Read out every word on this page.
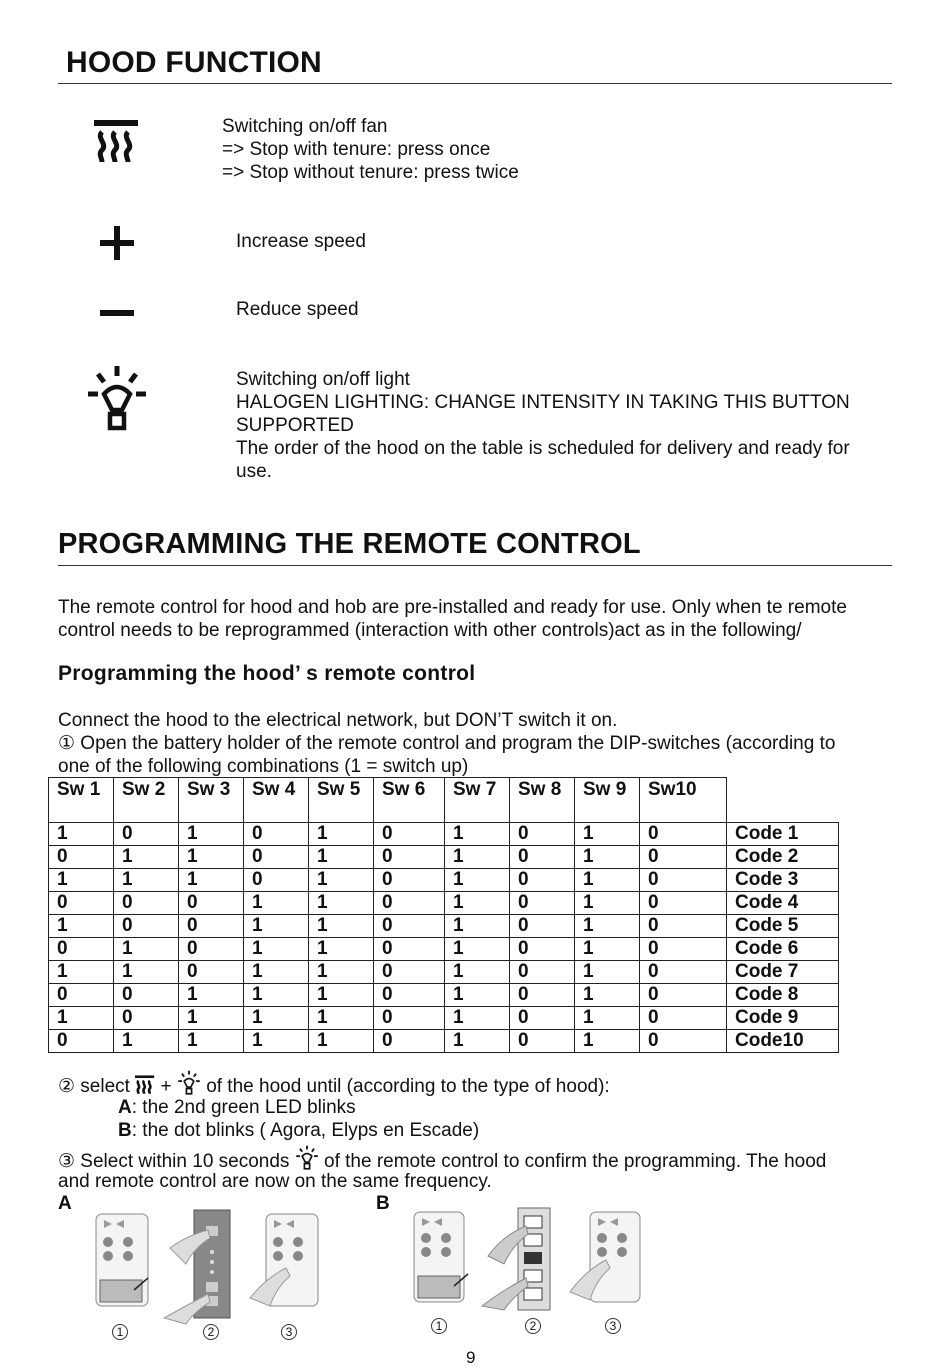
HOOD FUNCTION
Switching on/off fan
=> Stop with tenure: press once
=> Stop without tenure: press twice
Increase speed
Reduce speed
Switching on/off light
HALOGEN LIGHTING: CHANGE INTENSITY IN TAKING THIS BUTTON
SUPPORTED
The order of the hood on the table is scheduled for delivery and ready for
use.
PROGRAMMING THE REMOTE CONTROL
The remote control for hood and hob are pre-installed and ready for use. Only when te remote
control needs to be reprogrammed (interaction with other controls)act as in the following/
Programming the hood’ s remote control
Connect the hood to the electrical network, but DON’T switch it on.
① Open the battery holder of the remote control and program the DIP-switches (according to
one of the following combinations (1 = switch up)
Sw 1	Sw 2	Sw 3	Sw 4	Sw 5	Sw 6	Sw 7	Sw 8	Sw 9	Sw10	
1	0	1	0	1	0	1	0	1	0	Code 1
0	1	1	0	1	0	1	0	1	0	Code 2
1	1	1	0	1	0	1	0	1	0	Code 3
0	0	0	1	1	0	1	0	1	0	Code 4
1	0	0	1	1	0	1	0	1	0	Code 5
0	1	0	1	1	0	1	0	1	0	Code 6
1	1	0	1	1	0	1	0	1	0	Code 7
0	0	1	1	1	0	1	0	1	0	Code 8
1	0	1	1	1	0	1	0	1	0	Code 9
0	1	1	1	1	0	1	0	1	0	Code10
② select + of the hood until (according to the type of hood):
A: the 2nd green LED blinks
B: the dot blinks ( Agora, Elyps en Escade)
③ Select within 10 seconds of the remote control to confirm the programming. The hood
and remote control are now on the same frequency.
A	B
1	2	3	1	2	3
9
